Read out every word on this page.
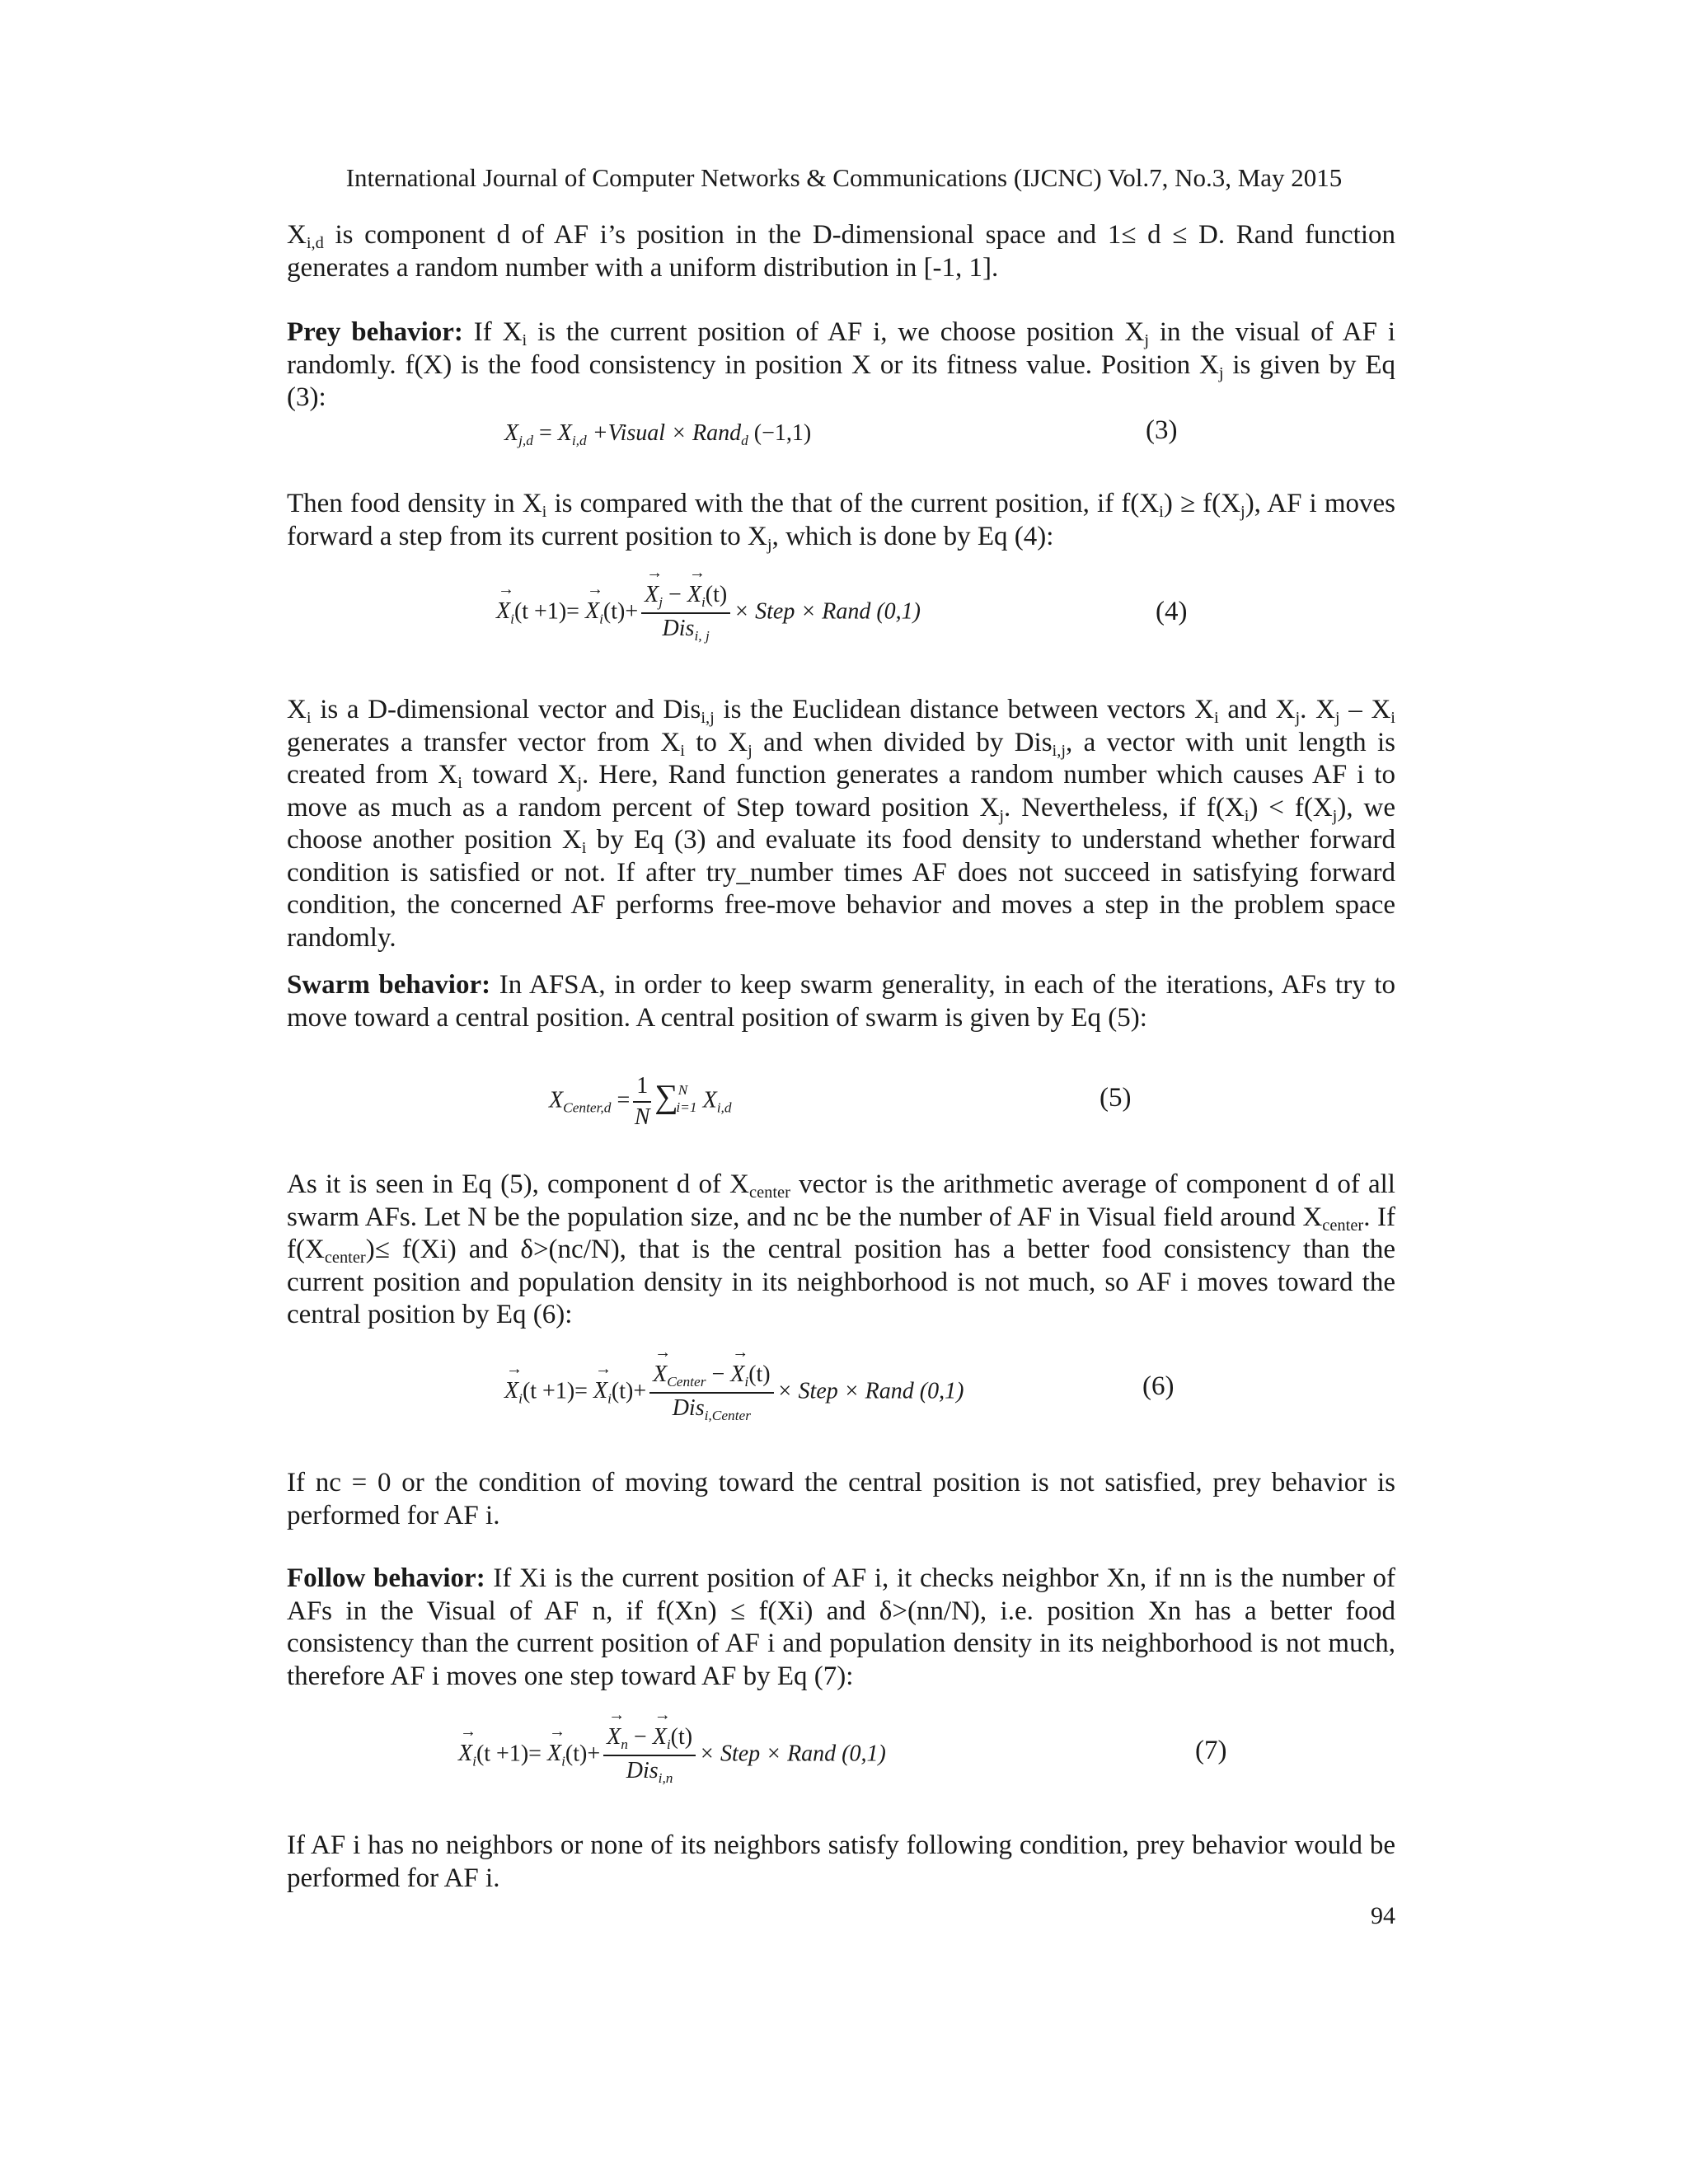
International Journal of Computer Networks & Communications (IJCNC) Vol.7, No.3, May 2015

$X_{i,d}$ is component d of AF i’s position in the D-dimensional space and 1≤ d ≤ D. Rand function generates a random number with a uniform distribution in [-1, 1].

Prey behavior: If $X_i$ is the current position of AF i, we choose position $X_j$ in the visual of AF i randomly. f(X) is the food consistency in position X or its fitness value. Position $X_j$ is given by Eq (3):

$X_{j,d} = X_{i,d}$ +Visual × Rand$_d$ (−1,1)	(3)

Then food density in $X_i$ is compared with the that of the current position, if $f(X_i) \ge f(X_j)$, AF i moves forward a step from its current position to $X_j$, which is done by Eq (4):

→ $X_i(t +1)= \to X_i(t)+$
→ $\frac{X_j - \to X_i(t)}{Dis_{i, j}}$ × Step × Rand (0,1)	(4)

$X_i$ is a D-dimensional vector and Dis$_{i,j}$ is the Euclidean distance between vectors $X_i$ and $X_j$. $X_j - X_i$ generates a transfer vector from $X_i$ to $X_j$ and when divided by Dis$_{i,j}$, a vector with unit length is created from $X_i$ toward $X_j$. Here, Rand function generates a random number which causes AF i to move as much as a random percent of Step toward position $X_j$. Nevertheless, if $f(X_i) < f(X_j)$, we choose another position $X_i$ by Eq (3) and evaluate its food density to understand whether forward condition is satisfied or not. If after try_number times AF does not succeed in satisfying forward condition, the concerned AF performs free-move behavior and moves a step in the problem space randomly.

Swarm behavior: In AFSA, in order to keep swarm generality, in each of the iterations, AFs try to move toward a central position. A central position of swarm is given by Eq (5):

$X_{Center,d} = \frac{1}{N} \sum^N_{i=1}$ $X_{i,d}$	(5)

As it is seen in Eq (5), component d of $X_{center}$ vector is the arithmetic average of component d of all swarm AFs. Let N be the population size, and nc be the number of AF in Visual field around $X_{center}$. If $f(X_{center})\le f(Xi)$ and δ>(nc/N), that is the central position has a better food consistency than the current position and population density in its neighborhood is not much, so AF i moves toward the central position by Eq (6):

→ $X_i(t +1)= \to X_i(t)+$
→ $\frac{X_{Center} - \to X_i(t)}{Dis_{i,Center}}$ × Step × Rand (0,1)	(6)

If nc = 0 or the condition of moving toward the central position is not satisfied, prey behavior is performed for AF i.

Follow behavior: If Xi is the current position of AF i, it checks neighbor Xn, if nn is the number of AFs in the Visual of AF n, if f(Xn) ≤ f(Xi) and δ>(nn/N), i.e. position Xn has a better food consistency than the current position of AF i and population density in its neighborhood is not much, therefore AF i moves one step toward AF by Eq (7):

→ $X_i(t +1)= \to X_i(t)+$
→ $\frac{X_n - \to X_i(t)}{Dis_{i,n}}$ × Step × Rand (0,1)	(7)

If AF i has no neighbors or none of its neighbors satisfy following condition, prey behavior would be performed for AF i.

94
